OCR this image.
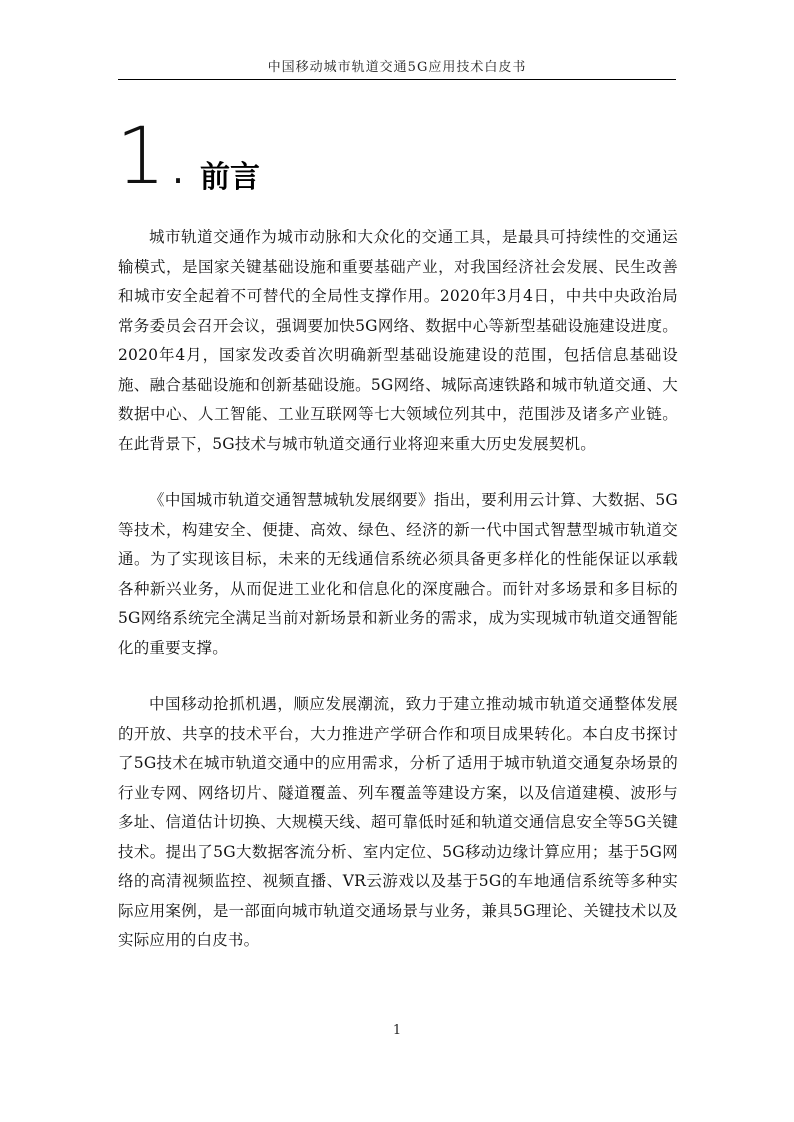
中国移动城市轨道交通5G应用技术白皮书
1. 前言

城市轨道交通作为城市动脉和大众化的交通工具，是最具可持续性的交通运输模式，是国家关键基础设施和重要基础产业，对我国经济社会发展、民生改善和城市安全起着不可替代的全局性支撑作用。2020年3月4日，中共中央政治局常务委员会召开会议，强调要加快5G网络、数据中心等新型基础设施建设进度。2020年4月，国家发改委首次明确新型基础设施建设的范围，包括信息基础设施、融合基础设施和创新基础设施。5G网络、城际高速铁路和城市轨道交通、大数据中心、人工智能、工业互联网等七大领域位列其中，范围涉及诸多产业链。在此背景下，5G技术与城市轨道交通行业将迎来重大历史发展契机。

《中国城市轨道交通智慧城轨发展纲要》指出，要利用云计算、大数据、5G等技术，构建安全、便捷、高效、绿色、经济的新一代中国式智慧型城市轨道交通。为了实现该目标，未来的无线通信系统必须具备更多样化的性能保证以承载各种新兴业务，从而促进工业化和信息化的深度融合。而针对多场景和多目标的5G网络系统完全满足当前对新场景和新业务的需求，成为实现城市轨道交通智能化的重要支撑。

中国移动抢抓机遇，顺应发展潮流，致力于建立推动城市轨道交通整体发展的开放、共享的技术平台，大力推进产学研合作和项目成果转化。本白皮书探讨了5G技术在城市轨道交通中的应用需求，分析了适用于城市轨道交通复杂场景的行业专网、网络切片、隧道覆盖、列车覆盖等建设方案，以及信道建模、波形与多址、信道估计切换、大规模天线、超可靠低时延和轨道交通信息安全等5G关键技术。提出了5G大数据客流分析、室内定位、5G移动边缘计算应用；基于5G网络的高清视频监控、视频直播、VR云游戏以及基于5G的车地通信系统等多种实际应用案例，是一部面向城市轨道交通场景与业务，兼具5G理论、关键技术以及实际应用的白皮书。

1
